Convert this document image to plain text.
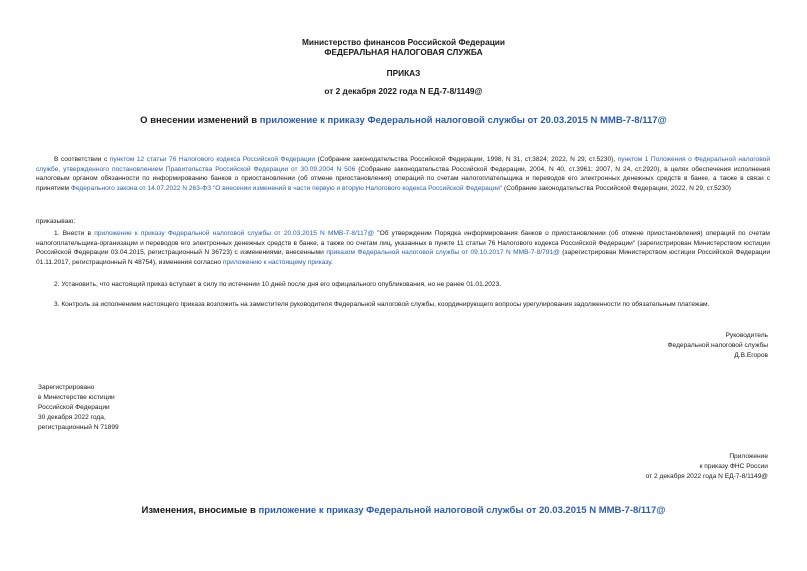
Министерство финансов Российской Федерации
ФЕДЕРАЛЬНАЯ НАЛОГОВАЯ СЛУЖБА
ПРИКАЗ
от 2 декабря 2022 года N ЕД-7-8/1149@
О внесении изменений в приложение к приказу Федеральной налоговой службы от 20.03.2015 N ММВ-7-8/117@
В соответствии с пунктом 12 статьи 76 Налогового кодекса Российской Федерации (Собрание законодательства Российской Федерации, 1998, N 31, ст.3824; 2022, N 29, ст.5230), пунктом 1 Положения о Федеральной налоговой службе, утвержденного постановлением Правительства Российской Федерации от 30.09.2004 N 506 (Собрание законодательства Российской Федерации, 2004, N 40, ст.3961; 2007, N 24, ст.2920), в целях обеспечения исполнения налоговым органом обязанности по информированию банков о приостановлении (об отмене приостановления) операций по счетам налогоплательщика и переводов его электронных денежных средств в банке, а также в связи с принятием Федерального закона от 14.07.2022 N 263-ФЗ "О внесении изменений в части первую и вторую Налогового кодекса Российской Федерации" (Собрание законодательства Российской Федерации, 2022, N 29, ст.5230)
приказываю:
1. Внести в приложение к приказу Федеральной налоговой службы от 20.03.2015 N ММВ-7-8/117@ "Об утверждении Порядка информирования банков о приостановлении (об отмене приостановления) операций по счетам налогоплательщика-организации и переводов его электронных денежных средств в банке, а также по счетам лиц, указанных в пункте 11 статьи 76 Налогового кодекса Российской Федерации" (зарегистрирован Министерством юстиции Российской Федерации 03.04.2015, регистрационный N 36723) с изменениями, внесенными приказом Федеральной налоговой службы от 09.10.2017 N ММВ-7-8/791@ (зарегистрирован Министерством юстиции Российской Федерации 01.11.2017, регистрационный N 48754), изменения согласно приложению к настоящему приказу.
2. Установить, что настоящий приказ вступает в силу по истечении 10 дней после дня его официального опубликования, но не ранее 01.01.2023.
3. Контроль за исполнением настоящего приказа возложить на заместителя руководителя Федеральной налоговой службы, координирующего вопросы урегулирования задолженности по обязательным платежам.
Руководитель
Федеральной налоговой службы
Д.В.Егоров
Зарегистрировано
в Министерстве юстиции
Российской Федерации
30 декабря 2022 года,
регистрационный N 71899
Приложение
к приказу ФНС России
от 2 декабря 2022 года N ЕД-7-8/1149@
Изменения, вносимые в приложение к приказу Федеральной налоговой службы от 20.03.2015 N ММВ-7-8/117@
